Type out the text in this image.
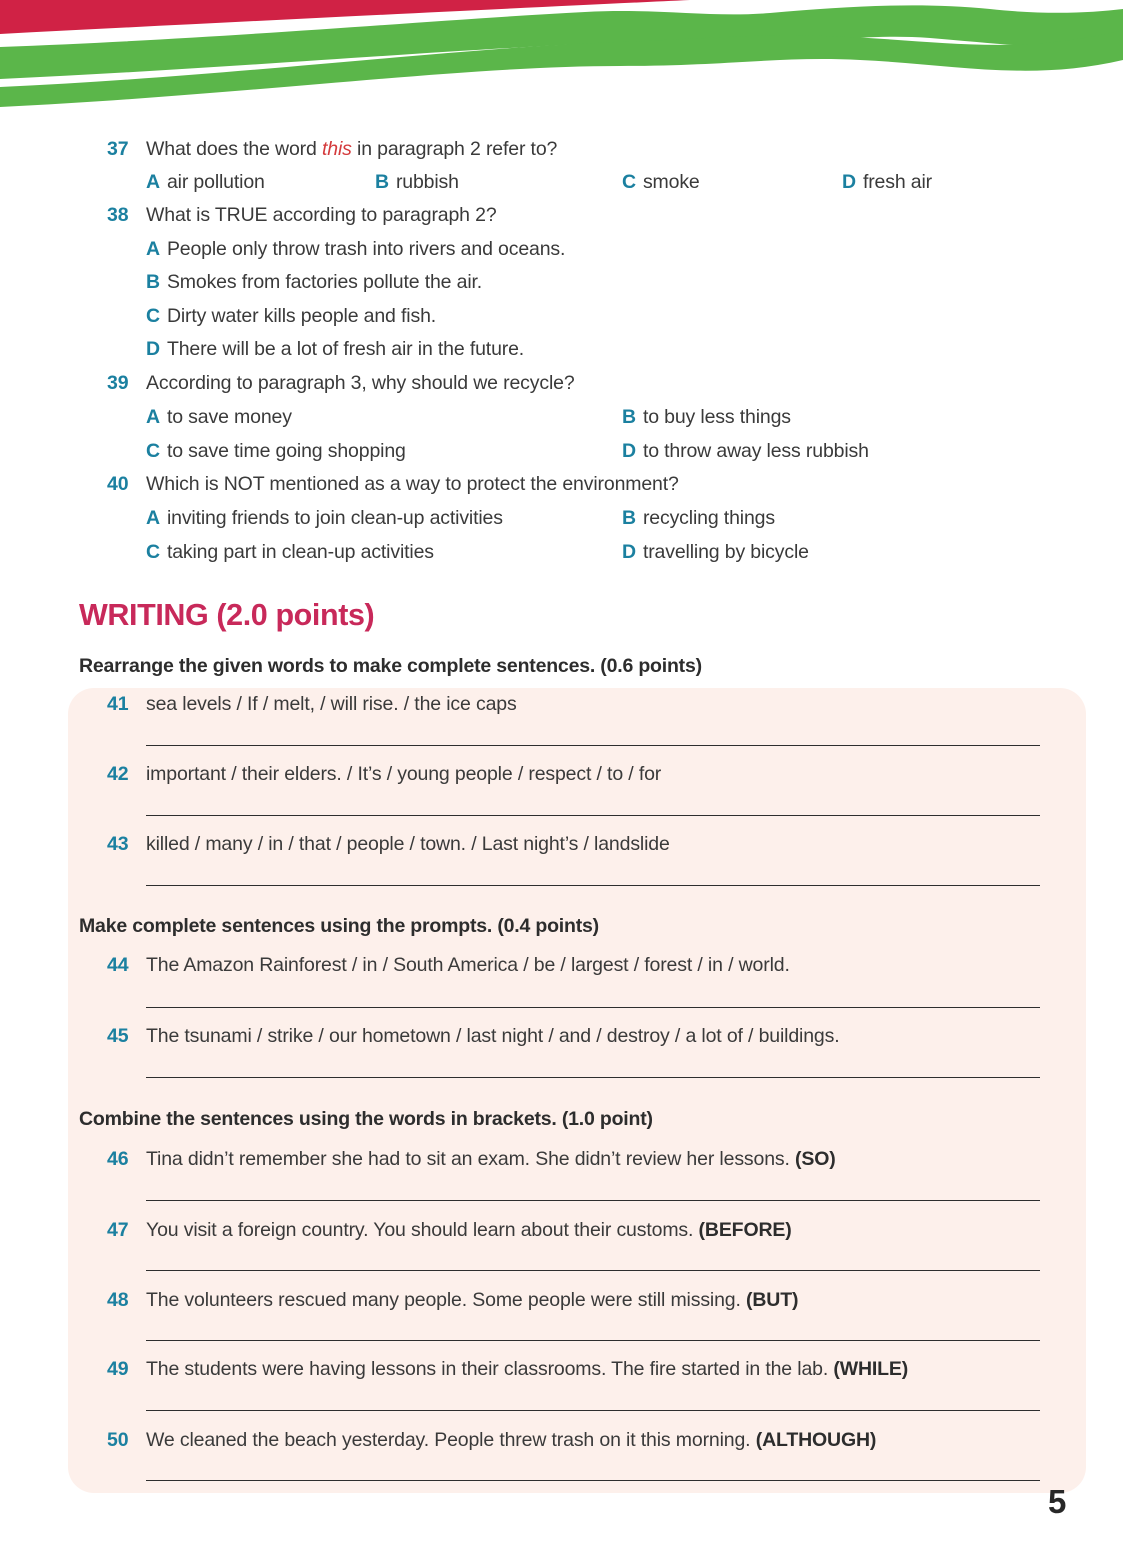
37 What does the word this in paragraph 2 refer to?
A air pollution	B rubbish	C smoke	D fresh air
38 What is TRUE according to paragraph 2?
A People only throw trash into rivers and oceans.
B Smokes from factories pollute the air.
C Dirty water kills people and fish.
D There will be a lot of fresh air in the future.
39 According to paragraph 3, why should we recycle?
A to save money	B to buy less things
C to save time going shopping	D to throw away less rubbish
40 Which is NOT mentioned as a way to protect the environment?
A inviting friends to join clean-up activities	B recycling things
C taking part in clean-up activities	D travelling by bicycle
WRITING (2.0 points)
Rearrange the given words to make complete sentences. (0.6 points)
41 sea levels / If / melt, / will rise. / the ice caps
42 important / their elders. / It’s / young people / respect / to / for
43 killed / many / in / that / people / town. / Last night’s / landslide
Make complete sentences using the prompts. (0.4 points)
44 The Amazon Rainforest / in / South America / be / largest / forest / in / world.
45 The tsunami / strike / our hometown / last night / and / destroy / a lot of / buildings.
Combine the sentences using the words in brackets. (1.0 point)
46 Tina didn’t remember she had to sit an exam. She didn’t review her lessons. (SO)
47 You visit a foreign country. You should learn about their customs. (BEFORE)
48 The volunteers rescued many people. Some people were still missing. (BUT)
49 The students were having lessons in their classrooms. The fire started in the lab. (WHILE)
50 We cleaned the beach yesterday. People threw trash on it this morning. (ALTHOUGH)
5
